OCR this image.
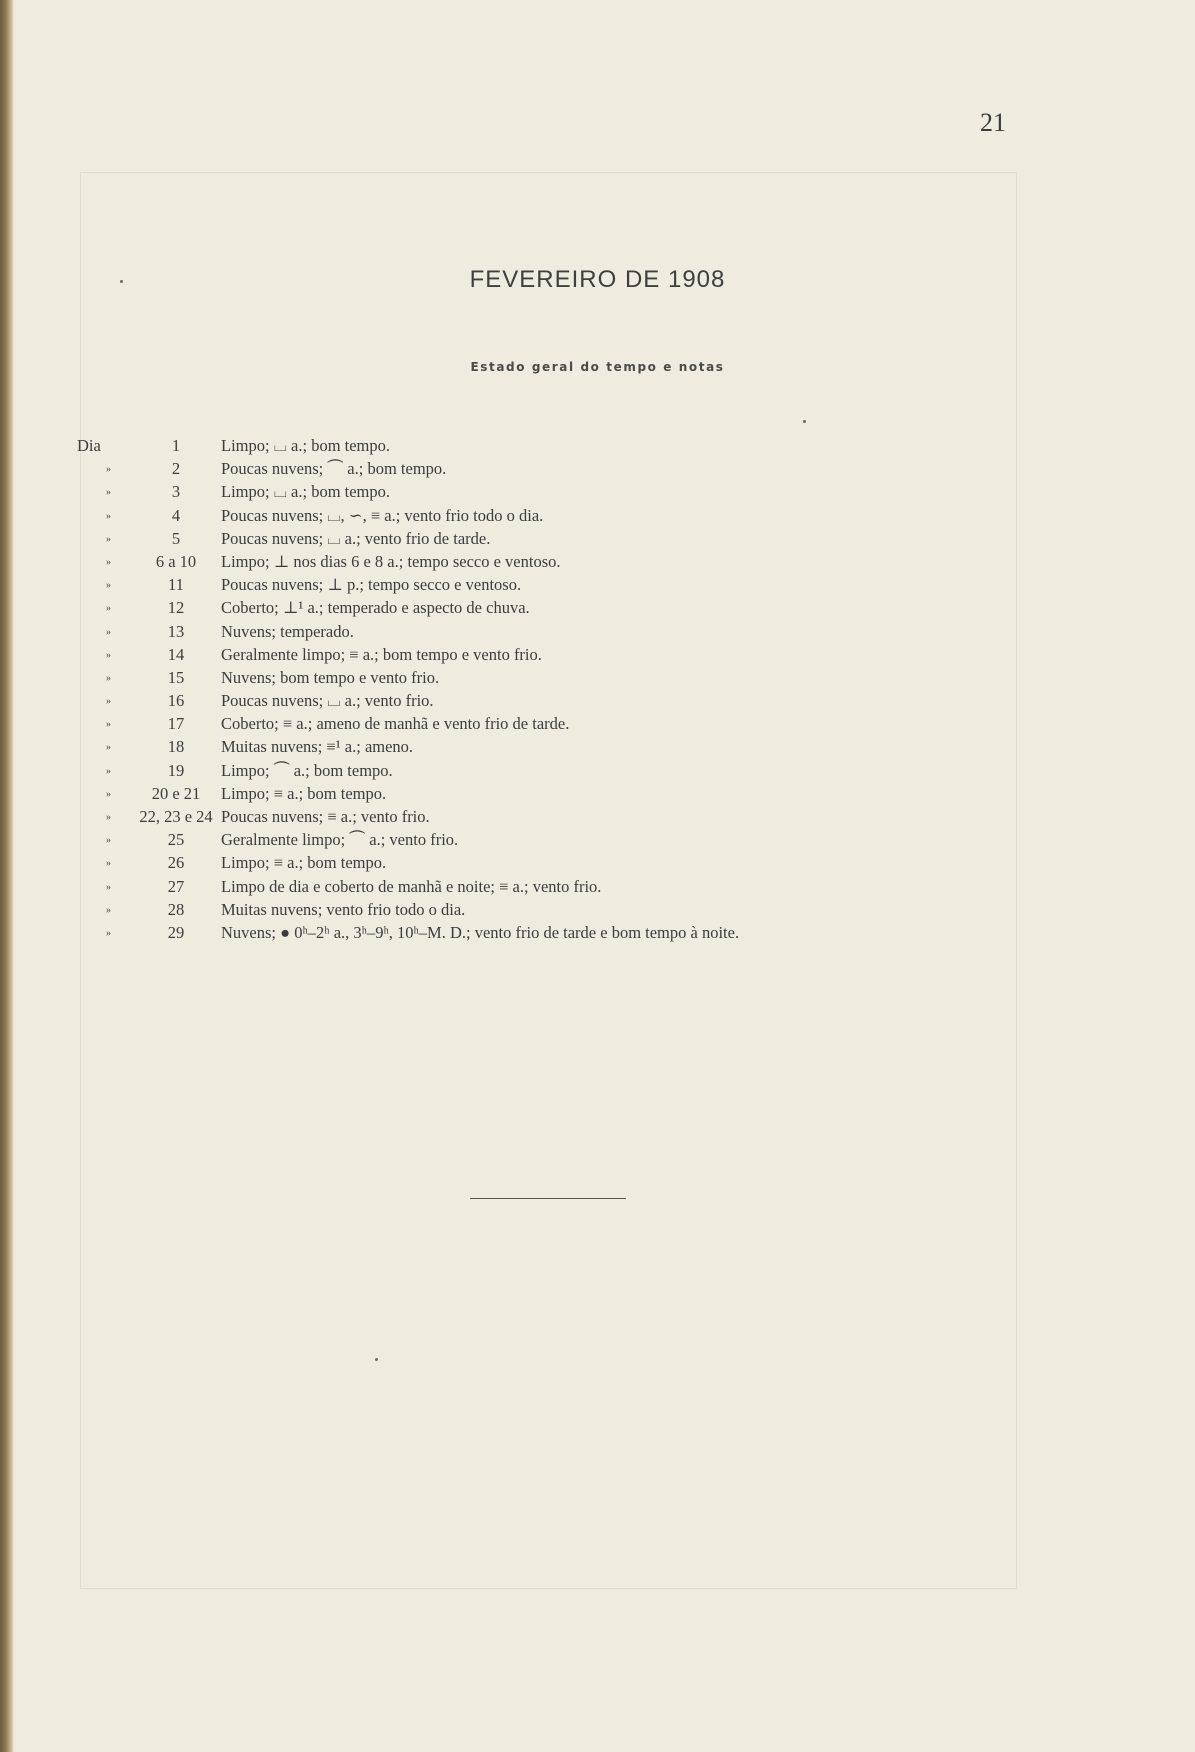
21
FEVEREIRO DE 1908
Estado geral do tempo e notas
Dia	1	Limpo; ⌴ a.; bom tempo.
»	2	Poucas nuvens; ⏜ a.; bom tempo.
»	3	Limpo; ⌴ a.; bom tempo.
»	4	Poucas nuvens; ⌴, ∽, ≡ a.; vento frio todo o dia.
»	5	Poucas nuvens; ⌴ a.; vento frio de tarde.
»	6 a 10	Limpo; ⊥ nos dias 6 e 8 a.; tempo secco e ventoso.
»	11	Poucas nuvens; ⊥ p.; tempo secco e ventoso.
»	12	Coberto; ⊥¹ a.; temperado e aspecto de chuva.
»	13	Nuvens; temperado.
»	14	Geralmente limpo; ≡ a.; bom tempo e vento frio.
»	15	Nuvens; bom tempo e vento frio.
»	16	Poucas nuvens; ⌴ a.; vento frio.
»	17	Coberto; ≡ a.; ameno de manhã e vento frio de tarde.
»	18	Muitas nuvens; ≡¹ a.; ameno.
»	19	Limpo; ⏜ a.; bom tempo.
»	20 e 21	Limpo; ≡ a.; bom tempo.
»	22, 23 e 24 Poucas nuvens; ≡ a.; vento frio.
»	25	Geralmente limpo; ⏜ a.; vento frio.
»	26	Limpo; ≡ a.; bom tempo.
»	27	Limpo de dia e coberto de manhã e noite; ≡ a.; vento frio.
»	28	Muitas nuvens; vento frio todo o dia.
»	29	Nuvens; ● 0ʰ–2ʰ a., 3ʰ–9ʰ, 10ʰ–M. D.; vento frio de tarde e bom tempo à noite.
